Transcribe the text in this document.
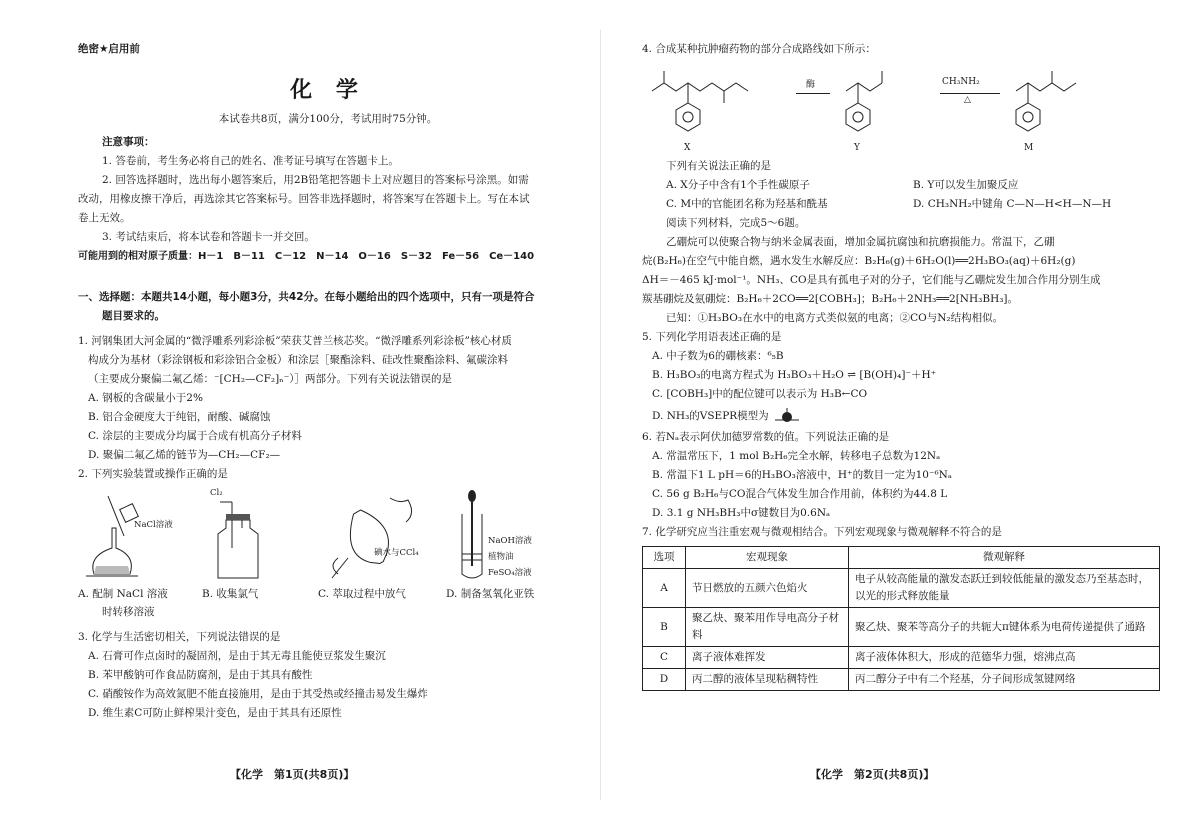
绝密★启用前

化 学

本试卷共8页，满分100分，考试用时75分钟。

注意事项：

1. 答卷前，考生务必将自己的姓名、准考证号填写在答题卡上。

2. 回答选择题时，选出每小题答案后，用2B铅笔把答题卡上对应题目的答案标号涂黑。如需

改动，用橡皮擦干净后，再选涂其它答案标号。回答非选择题时，将答案写在答题卡上。写在本试

卷上无效。

3. 考试结束后，将本试卷和答题卡一并交回。

可能用到的相对原子质量：H－1　B－11　C－12　N－14　O－16　S－32　Fe－56　Ce－140

一、选择题：本题共14小题，每小题3分，共42分。在每小题给出的四个选项中，只有一项是符合

题目要求的。

1. 河钢集团大河金属的“微浮雕系列彩涂板”荣获艾普兰核芯奖。“微浮雕系列彩涂板”核心材质

构成分为基材（彩涂钢板和彩涂铝合金板）和涂层［聚酯涂料、硅改性聚酯涂料、氟碳涂料

（主要成分聚偏二氟乙烯：⁻[CH₂—CF₂]ₙ⁻）］两部分。下列有关说法错误的是

A. 钢板的含碳量小于2%

B. 铝合金硬度大于纯铝，耐酸、碱腐蚀

C. 涂层的主要成分均属于合成有机高分子材料

D. 聚偏二氟乙烯的链节为—CH₂—CF₂—

2. 下列实验装置或操作正确的是

NaCl溶液
A. 配制 NaCl 溶液
时转移溶液
Cl₂
B. 收集氯气
碘水与CCl₄
C. 萃取过程中放气
NaOH溶液
植物油
FeSO₄溶液
D. 制备氢氧化亚铁

3. 化学与生活密切相关，下列说法错误的是

A. 石膏可作点卤时的凝固剂，是由于其无毒且能使豆浆发生聚沉

B. 苯甲酸钠可作食品防腐剂，是由于其具有酸性

C. 硝酸铵作为高效氮肥不能直接施用，是由于其受热或经撞击易发生爆炸

D. 维生素C可防止鲜榨果汁变色，是由于其具有还原性

【化学　第1页(共8页)】

4. 合成某种抗肿瘤药物的部分合成路线如下所示：

X
酶
Y
CH₃NH₂
△
M

下列有关说法正确的是

A. X分子中含有1个手性碳原子	B. Y可以发生加聚反应
C. M中的官能团名称为羟基和酰基	D. CH₃NH₂中键角 C—N—H<H—N—H

阅读下列材料，完成5～6题。

乙硼烷可以使聚合物与纳米金属表面，增加金属抗腐蚀和抗磨损能力。常温下，乙硼

烷(B₂H₆)在空气中能自燃，遇水发生水解反应：B₂H₆(g)＋6H₂O(l)══2H₃BO₃(aq)＋6H₂(g)

ΔH＝－465 kJ·mol⁻¹。NH₃、CO是具有孤电子对的分子，它们能与乙硼烷发生加合作用分别生成

羰基硼烷及氨硼烷：B₂H₆＋2CO══2[COBH₃]；B₂H₆＋2NH₃══2[NH₃BH₃]。

已知：①H₃BO₃在水中的电离方式类似氨的电离；②CO与N₂结构相似。

5. 下列化学用语表述正确的是

A. 中子数为6的硼核素：⁶₅B

B. H₃BO₃的电离方程式为 H₃BO₃＋H₂O ⇌ [B(OH)₄]⁻＋H⁺

C. [COBH₃]中的配位键可以表示为 H₃B←CO

D. NH₃的VSEPR模型为

6. 若Nₐ表示阿伏加德罗常数的值。下列说法正确的是

A. 常温常压下，1 mol B₂H₆完全水解，转移电子总数为12Nₐ

B. 常温下1 L pH＝6的H₃BO₃溶液中，H⁺的数目一定为10⁻⁶Nₐ

C. 56 g B₂H₆与CO混合气体发生加合作用前，体积约为44.8 L

D. 3.1 g NH₃BH₃中σ键数目为0.6Nₐ

7. 化学研究应当注重宏观与微观相结合。下列宏观现象与微观解释不符合的是

选项	宏观现象	微观解释
A	节日燃放的五颜六色焰火	电子从较高能量的激发态跃迁到较低能量的激发态乃至基态时，以光的形式释放能量
B	聚乙炔、聚苯用作导电高分子材料	聚乙炔、聚苯等高分子的共轭大π键体系为电荷传递提供了通路
C	离子液体难挥发	离子液体体积大，形成的范德华力强，熔沸点高
D	丙二醇的液体呈现粘稠特性	丙二醇分子中有二个羟基，分子间形成氢键网络
【化学　第2页(共8页)】
